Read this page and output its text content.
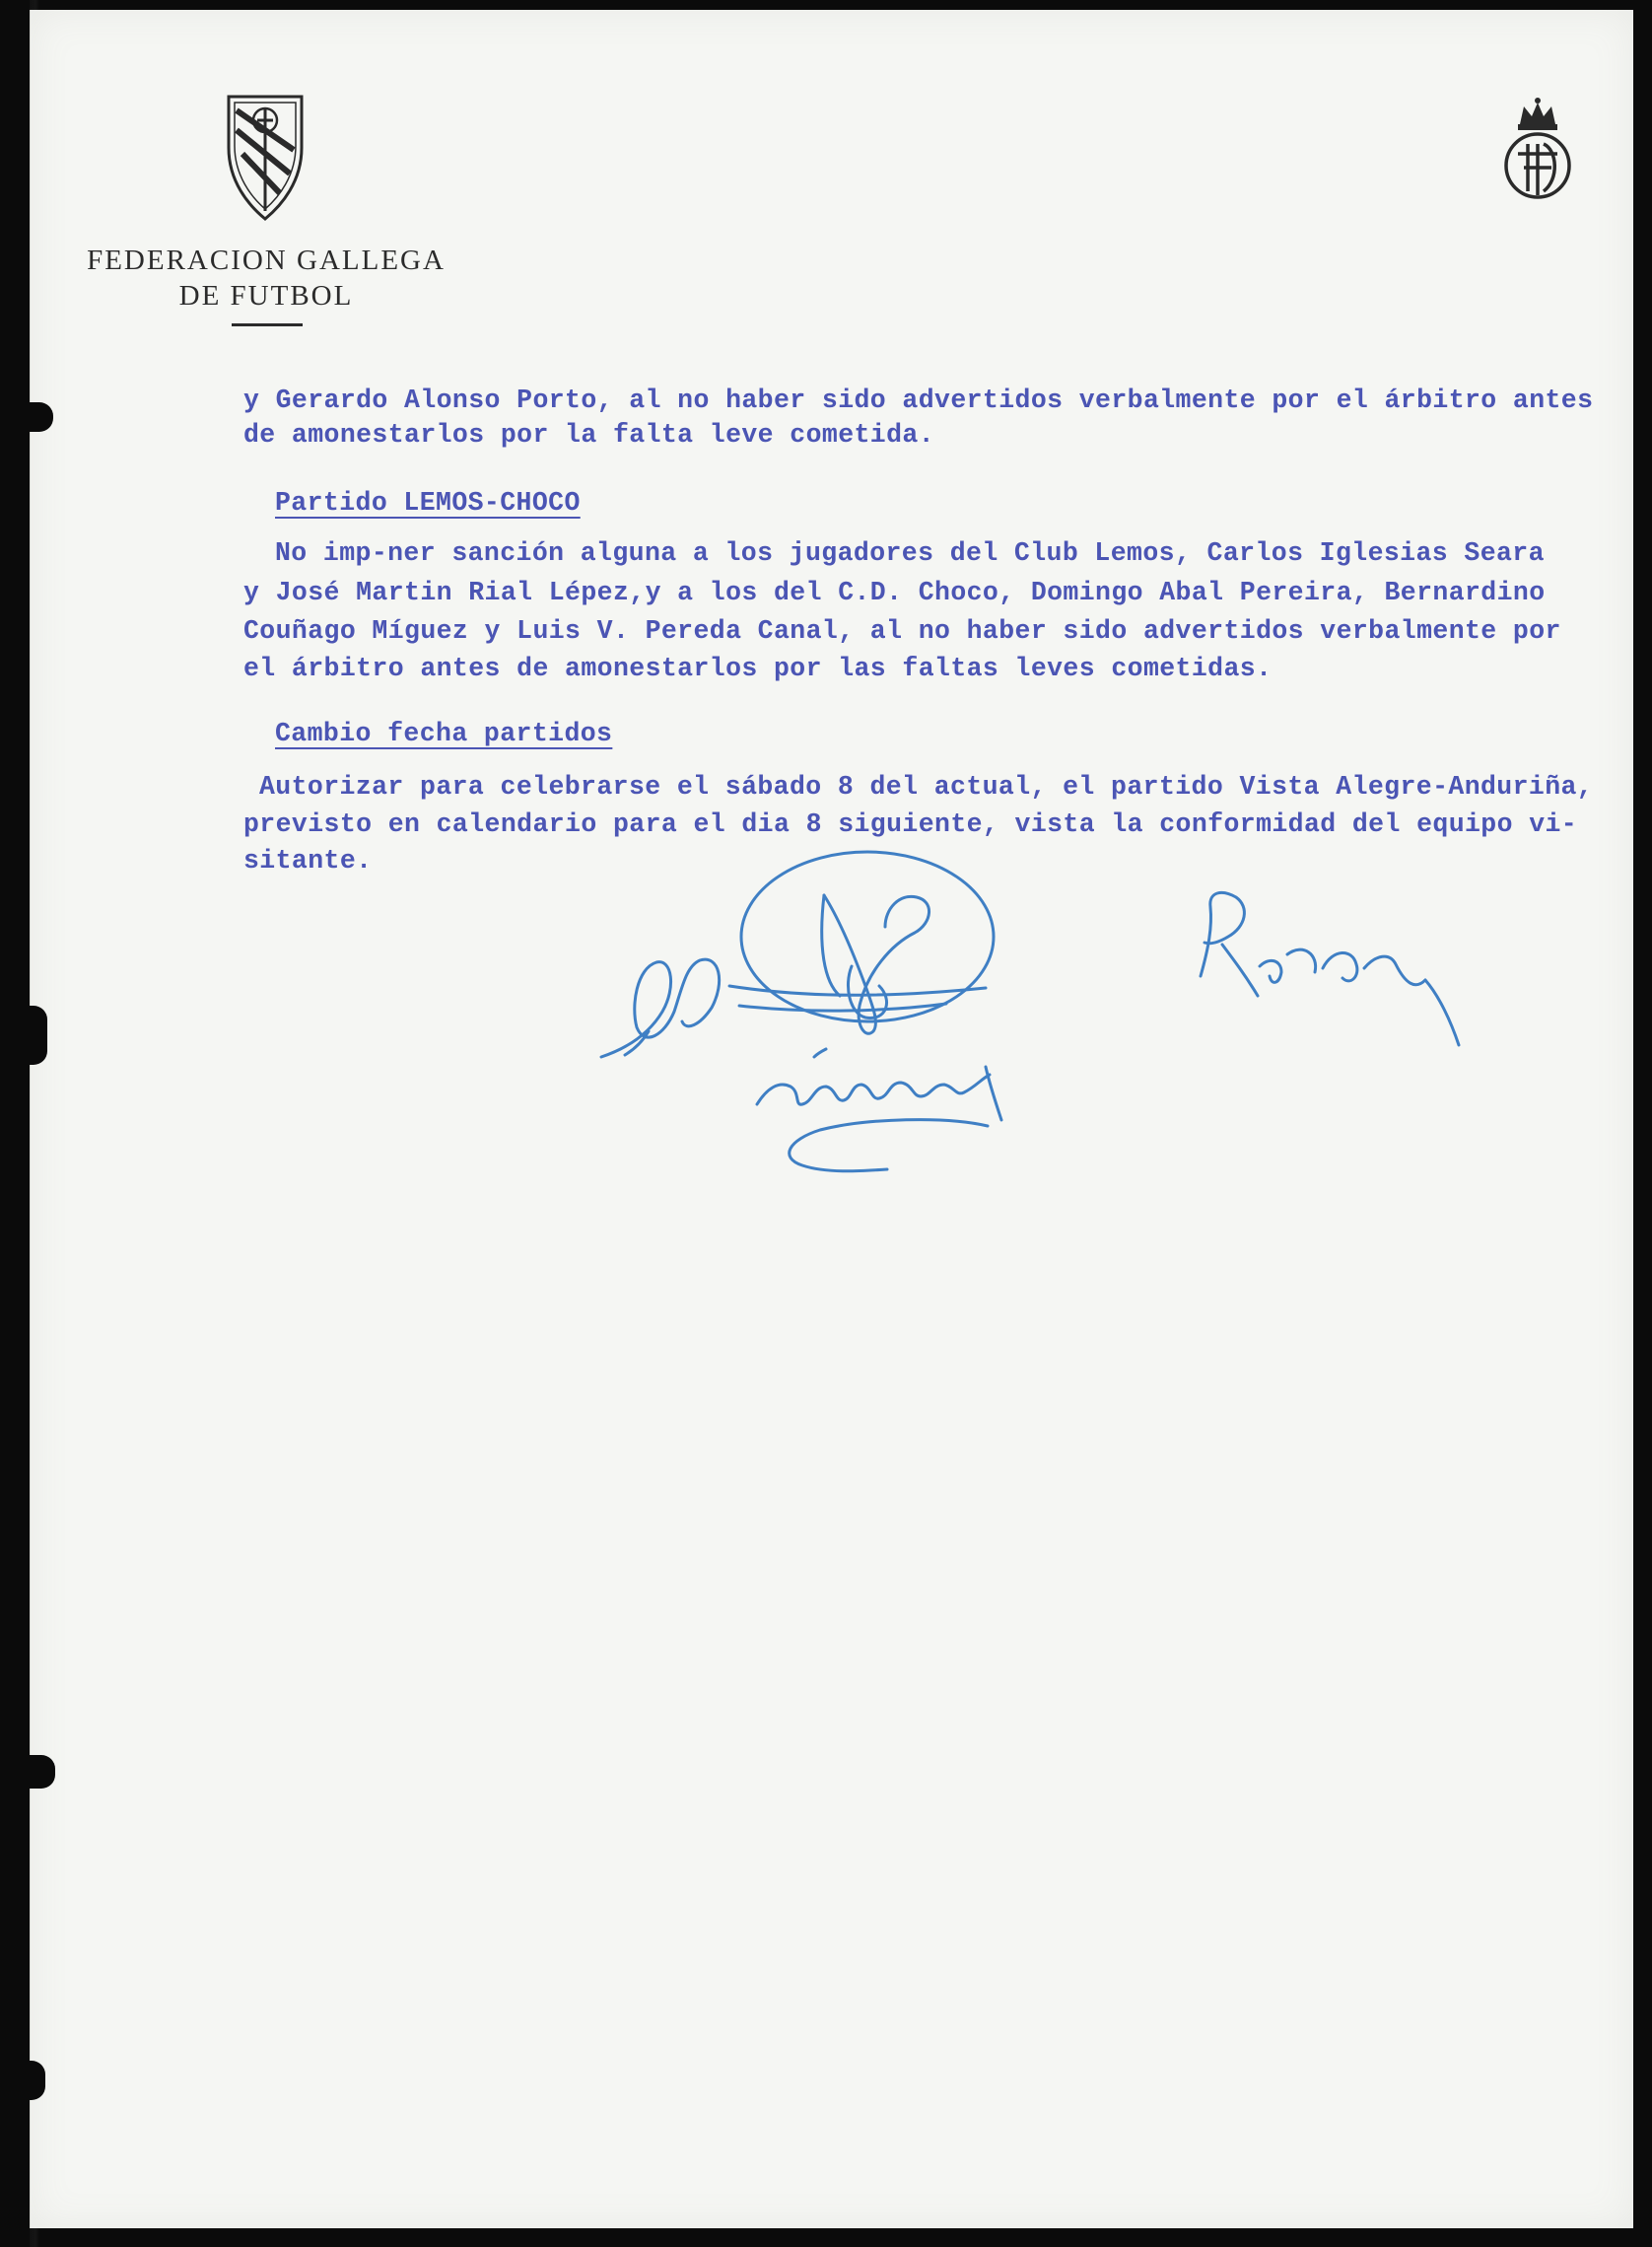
FEDERACION GALLEGA
DE FUTBOL

y Gerardo Alonso Porto, al no haber sido advertidos verbalmente por el árbitro antes

de amonestarlos por la falta leve cometida.

Partido LEMOS-CHOCO

No imp-ner sanción alguna a los jugadores del Club Lemos, Carlos Iglesias Seara

y José Martin Rial Lépez,y a los del C.D. Choco, Domingo Abal Pereira, Bernardino

Couñago Míguez y Luis V. Pereda Canal, al no haber sido advertidos verbalmente por

el árbitro antes de amonestarlos por las faltas leves cometidas.

Cambio fecha partidos

Autorizar para celebrarse el sábado 8 del actual, el partido Vista Alegre-Anduriña,

previsto en calendario para el dia 8 siguiente, vista la conformidad del equipo vi-

sitante.
